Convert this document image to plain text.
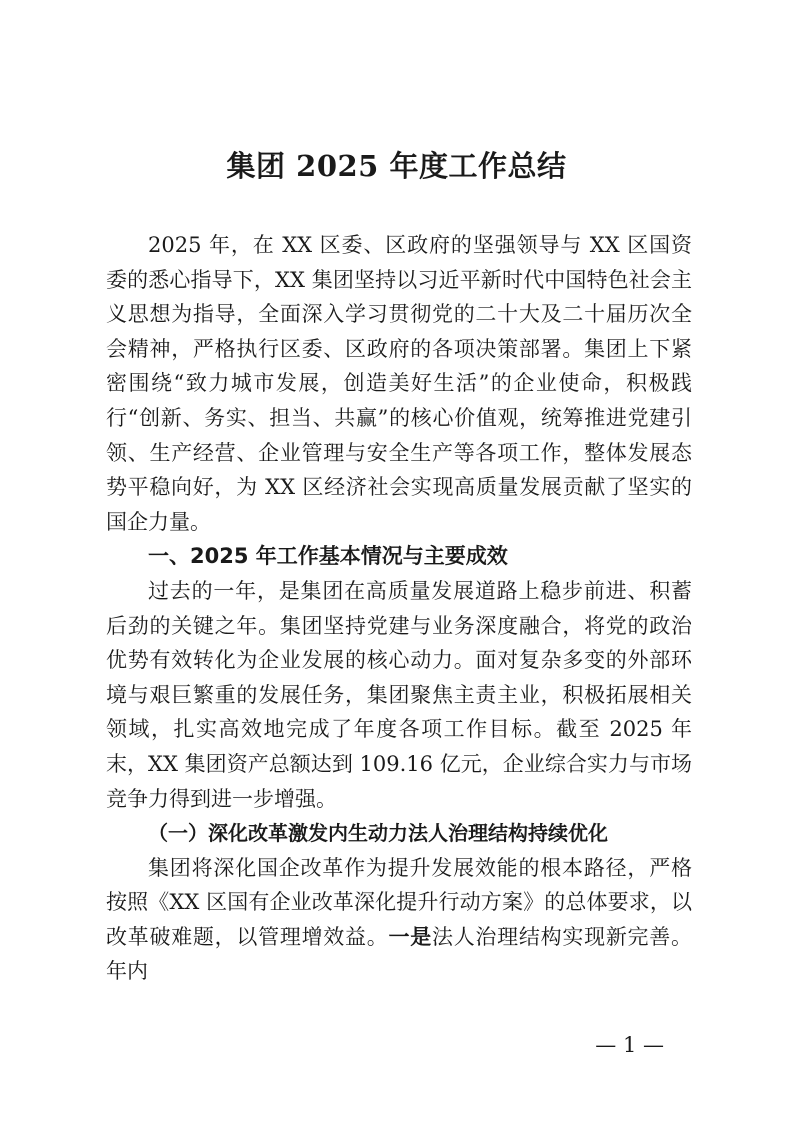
集团 2025 年度工作总结

2025 年，在 XX 区委、区政府的坚强领导与 XX 区国资委的悉心指导下，XX 集团坚持以习近平新时代中国特色社会主义思想为指导，全面深入学习贯彻党的二十大及二十届历次全会精神，严格执行区委、区政府的各项决策部署。集团上下紧密围绕“致力城市发展，创造美好生活”的企业使命，积极践行“创新、务实、担当、共赢”的核心价值观，统筹推进党建引领、生产经营、企业管理与安全生产等各项工作，整体发展态势平稳向好，为 XX 区经济社会实现高质量发展贡献了坚实的国企力量。

一、2025 年工作基本情况与主要成效

过去的一年，是集团在高质量发展道路上稳步前进、积蓄后劲的关键之年。集团坚持党建与业务深度融合，将党的政治优势有效转化为企业发展的核心动力。面对复杂多变的外部环境与艰巨繁重的发展任务，集团聚焦主责主业，积极拓展相关领域，扎实高效地完成了年度各项工作目标。截至 2025 年末，XX 集团资产总额达到 109.16 亿元，企业综合实力与市场竞争力得到进一步增强。

（一）深化改革激发内生动力法人治理结构持续优化

集团将深化国企改革作为提升发展效能的根本路径，严格按照《XX 区国有企业改革深化提升行动方案》的总体要求，以改革破难题，以管理增效益。一是法人治理结构实现新完善。年内

— 1 —
